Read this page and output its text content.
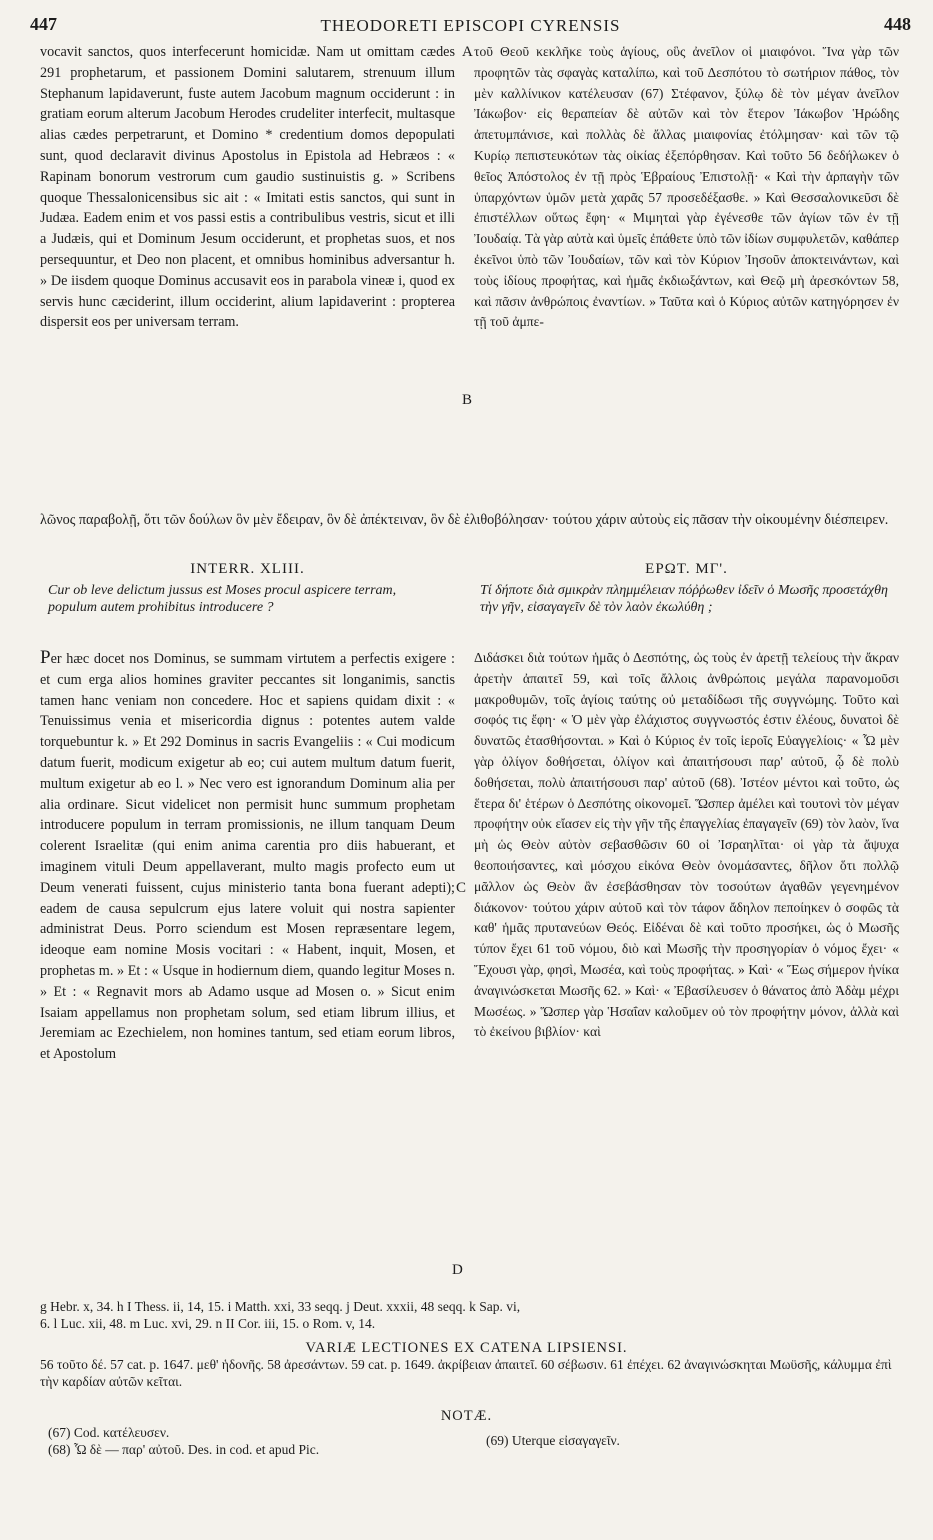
447	THEODORETI EPISCOPI CYRENSIS	448

vocavit sanctos, quos interfecerunt homicidæ. Nam ut omittam cædes 291 prophetarum, et passionem Domini salutarem, strenuum illum Stephanum lapidaverunt, fuste autem Jacobum magnum occiderunt : in gratiam eorum alterum Jacobum Herodes crudeliter interfecit, multasque alias cædes perpetrarunt, et Domino * credentium domos depopulati sunt, quod declaravit divinus Apostolus in Epistola ad Hebræos : « Rapinam bonorum vestrorum cum gaudio sustinuistis g. » Scribens quoque Thessalonicensibus sic ait : « Imitati estis sanctos, qui sunt in Judæa. Eadem enim et vos passi estis a contribulibus vestris, sicut et illi a Judæis, qui et Dominum Jesum occiderunt, et prophetas suos, et nos persequuntur, et Deo non placent, et omnibus hominibus adversantur h. » De iisdem quoque Dominus accusavit eos in parabola vineæ i, quod ex servis hunc cæciderint, illum occiderint, alium lapidaverint : propterea dispersit eos per universam terram.

τοῦ Θεοῦ κεκλῆκε τοὺς ἁγίους, οὓς ἀνεῖλον οἱ μιαιφόνοι. Ἵνα γὰρ τῶν προφητῶν τὰς σφαγὰς καταλίπω, καὶ τοῦ Δεσπότου τὸ σωτήριον πάθος, τὸν μὲν καλλίνικον κατέλευσαν (67) Στέφανον, ξύλῳ δὲ τὸν μέγαν ἀνεῖλον Ἰάκωβον· εἰς θεραπείαν δὲ αὐτῶν καὶ τὸν ἕτερον Ἰάκωβον Ἡρώδης ἀπετυμπάνισε, καὶ πολλὰς δὲ ἄλλας μιαιφονίας ἐτόλμησαν· καὶ τῶν τῷ Κυρίῳ πεπιστευκότων τὰς οἰκίας ἐξεπόρθησαν. Καὶ τοῦτο 56 δεδήλωκεν ὁ θεῖος Ἀπόστολος ἐν τῇ πρὸς Ἑβραίους Ἐπιστολῇ· « Καὶ τὴν ἁρπαγὴν τῶν ὑπαρχόντων ὑμῶν μετὰ χαρᾶς 57 προσεδέξασθε. » Καὶ Θεσσαλονικεῦσι δὲ ἐπιστέλλων οὕτως ἔφη· « Μιμηταὶ γὰρ ἐγένεσθε τῶν ἁγίων τῶν ἐν τῇ Ἰουδαίᾳ. Τὰ γὰρ αὐτὰ καὶ ὑμεῖς ἐπάθετε ὑπὸ τῶν ἰδίων συμφυλετῶν, καθάπερ ἐκεῖνοι ὑπὸ τῶν Ἰουδαίων, τῶν καὶ τὸν Κύριον Ἰησοῦν ἀποκτεινάντων, καὶ τοὺς ἰδίους προφήτας, καὶ ἡμᾶς ἐκδιωξάντων, καὶ Θεῷ μὴ ἀρεσκόντων 58, καὶ πᾶσιν ἀνθρώποις ἐναντίων. » Ταῦτα καὶ ὁ Κύριος αὐτῶν κατηγόρησεν ἐν τῇ τοῦ ἀμπε-

A
B
λῶνος παραβολῇ, ὅτι τῶν δούλων ὃν μὲν ἔδειραν, ὃν δὲ ἀπέκτειναν, ὃν δὲ ἐλιθοβόλησαν· τούτου χάριν αὐτοὺς εἰς πᾶσαν τὴν οἰκουμένην διέσπειρεν.
INTERR. XLIII.	ΕΡΩΤ. ΜΓ'.
Cur ob leve delictum jussus est Moses procul aspicere terram, populum autem prohibitus introducere ?
Τί δήποτε διὰ σμικρὰν πλημμέλειαν πόῤῥωθεν ἰδεῖν ὁ Μωσῆς προσετάχθη τὴν γῆν, εἰσαγαγεῖν δὲ τὸν λαὸν ἐκωλύθη ;

Per hæc docet nos Dominus, se summam virtutem a perfectis exigere : et cum erga alios homines graviter peccantes sit longanimis, sanctis tamen hanc veniam non concedere. Hoc et sapiens quidam dixit : « Tenuissimus venia et misericordia dignus : potentes autem valde torquebuntur k. » Et 292 Dominus in sacris Evangeliis : « Cui modicum datum fuerit, modicum exigetur ab eo; cui autem multum datum fuerit, multum exigetur ab eo l. » Nec vero est ignorandum Dominum alia per alia ordinare. Sicut videlicet non permisit hunc summum prophetam introducere populum in terram promissionis, ne illum tanquam Deum colerent Israelitæ (qui enim anima carentia pro diis habuerant, et imaginem vituli Deum appellaverant, multo magis profecto eum ut Deum venerati fuissent, cujus ministerio tanta bona fuerant adepti); eadem de causa sepulcrum ejus latere voluit qui nostra sapienter administrat Deus. Porro sciendum est Mosen repræsentare legem, ideoque eam nomine Mosis vocitari : « Habent, inquit, Mosen, et prophetas m. » Et : « Usque in hodiernum diem, quando legitur Moses n. » Et : « Regnavit mors ab Adamo usque ad Mosen o. » Sicut enim Isaiam appellamus non prophetam solum, sed etiam librum illius, et Jeremiam ac Ezechielem, non homines tantum, sed etiam eorum libros, et Apostolum

Διδάσκει διὰ τούτων ἡμᾶς ὁ Δεσπότης, ὡς τοὺς ἐν ἀρετῇ τελείους τὴν ἄκραν ἀρετὴν ἀπαιτεῖ 59, καὶ τοῖς ἄλλοις ἀνθρώποις μεγάλα παρανομοῦσι μακροθυμῶν, τοῖς ἁγίοις ταύτης οὐ μεταδίδωσι τῆς συγγνώμης. Τοῦτο καὶ σοφός τις ἔφη· « Ὁ μὲν γὰρ ἐλάχιστος συγγνωστός ἐστιν ἐλέους, δυνατοὶ δὲ δυνατῶς ἐτασθήσονται. » Καὶ ὁ Κύριος ἐν τοῖς ἱεροῖς Εὐαγγελίοις· « Ὧ μὲν γὰρ ὀλίγον δοθήσεται, ὀλίγον καὶ ἀπαιτήσουσι παρ' αὐτοῦ, ᾧ δὲ πολὺ δοθήσεται, πολὺ ἀπαιτήσουσι παρ' αὐτοῦ (68). Ἰστέον μέντοι καὶ τοῦτο, ὡς ἕτερα δι' ἑτέρων ὁ Δεσπότης οἰκονομεῖ. Ὥσπερ ἀμέλει καὶ τουτονὶ τὸν μέγαν προφήτην οὐκ εἴασεν εἰς τὴν γῆν τῆς ἐπαγγελίας ἐπαγαγεῖν (69) τὸν λαὸν, ἵνα μὴ ὡς Θεὸν αὐτὸν σεβασθῶσιν 60 οἱ Ἰσραηλῖται· οἱ γὰρ τὰ ἄψυχα θεοποιήσαντες, καὶ μόσχου εἰκόνα Θεὸν ὀνομάσαντες, δῆλον ὅτι πολλῷ μᾶλλον ὡς Θεὸν ἂν ἐσεβάσθησαν τὸν τοσούτων ἀγαθῶν γεγενημένον διάκονον· τούτου χάριν αὐτοῦ καὶ τὸν τάφον ἄδηλον πεποίηκεν ὁ σοφῶς τὰ καθ' ἡμᾶς πρυτανεύων Θεός. Εἰδέναι δὲ καὶ τοῦτο προσήκει, ὡς ὁ Μωσῆς τύπον ἔχει 61 τοῦ νόμου, διὸ καὶ Μωσῆς τὴν προσηγορίαν ὁ νόμος ἔχει· « Ἔχουσι γὰρ, φησὶ, Μωσέα, καὶ τοὺς προφήτας. » Καὶ· « Ἕως σήμερον ἡνίκα ἀναγινώσκεται Μωσῆς 62. » Καὶ· « Ἐβασίλευσεν ὁ θάνατος ἀπὸ Ἀδὰμ μέχρι Μωσέως. » Ὥσπερ γὰρ Ἡσαΐαν καλοῦμεν οὐ τὸν προφήτην μόνον, ἀλλὰ καὶ τὸ ἐκείνου βιβλίον· καὶ

C
D
g Hebr. x, 34. h I Thess. ii, 14, 15. i Matth. xxi, 33 seqq. j Deut. xxxii, 48 seqq. k Sap. vi,
6. l Luc. xii, 48. m Luc. xvi, 29. n II Cor. iii, 15. o Rom. v, 14.
VARIÆ LECTIONES EX CATENA LIPSIENSI.
56 τοῦτο δέ. 57 cat. p. 1647. μεθ' ἡδονῆς. 58 ἀρεσάντων. 59 cat. p. 1649. ἀκρίβειαν ἀπαιτεῖ. 60 σέβωσιν. 61 ἐπέχει. 62 ἀναγινώσκηται Μωϋσῆς, κάλυμμα ἐπὶ τὴν καρδίαν αὐτῶν κεῖται.
NOTÆ.
(67) Cod. κατέλευσεν.
(68) Ὧ δὲ — παρ' αὐτοῦ. Des. in cod. et apud Pic.
(69) Uterque εἰσαγαγεῖν.
